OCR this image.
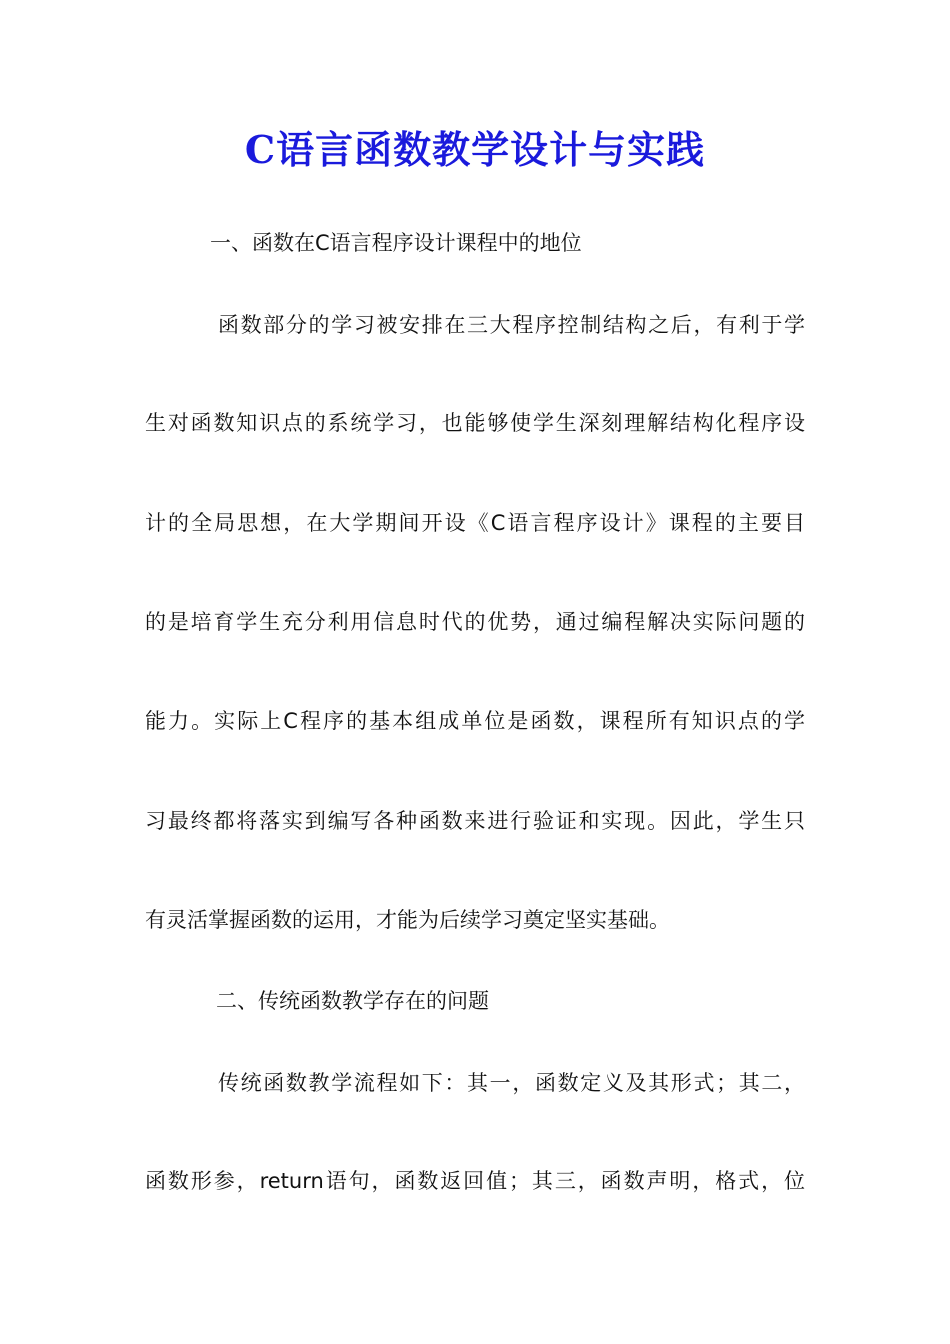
C语言函数教学设计与实践
一、函数在C语言程序设计课程中的地位
函数部分的学习被安排在三大程序控制结构之后，有利于学
生对函数知识点的系统学习，也能够使学生深刻理解结构化程序设
计的全局思想，在大学期间开设《C语言程序设计》课程的主要目
的是培育学生充分利用信息时代的优势，通过编程解决实际问题的
能力。实际上C程序的基本组成单位是函数，课程所有知识点的学
习最终都将落实到编写各种函数来进行验证和实现。因此，学生只
有灵活掌握函数的运用，才能为后续学习奠定坚实基础。
二、传统函数教学存在的问题
传统函数教学流程如下：其一，函数定义及其形式；其二，
函数形参，return语句，函数返回值；其三，函数声明，格式，位
